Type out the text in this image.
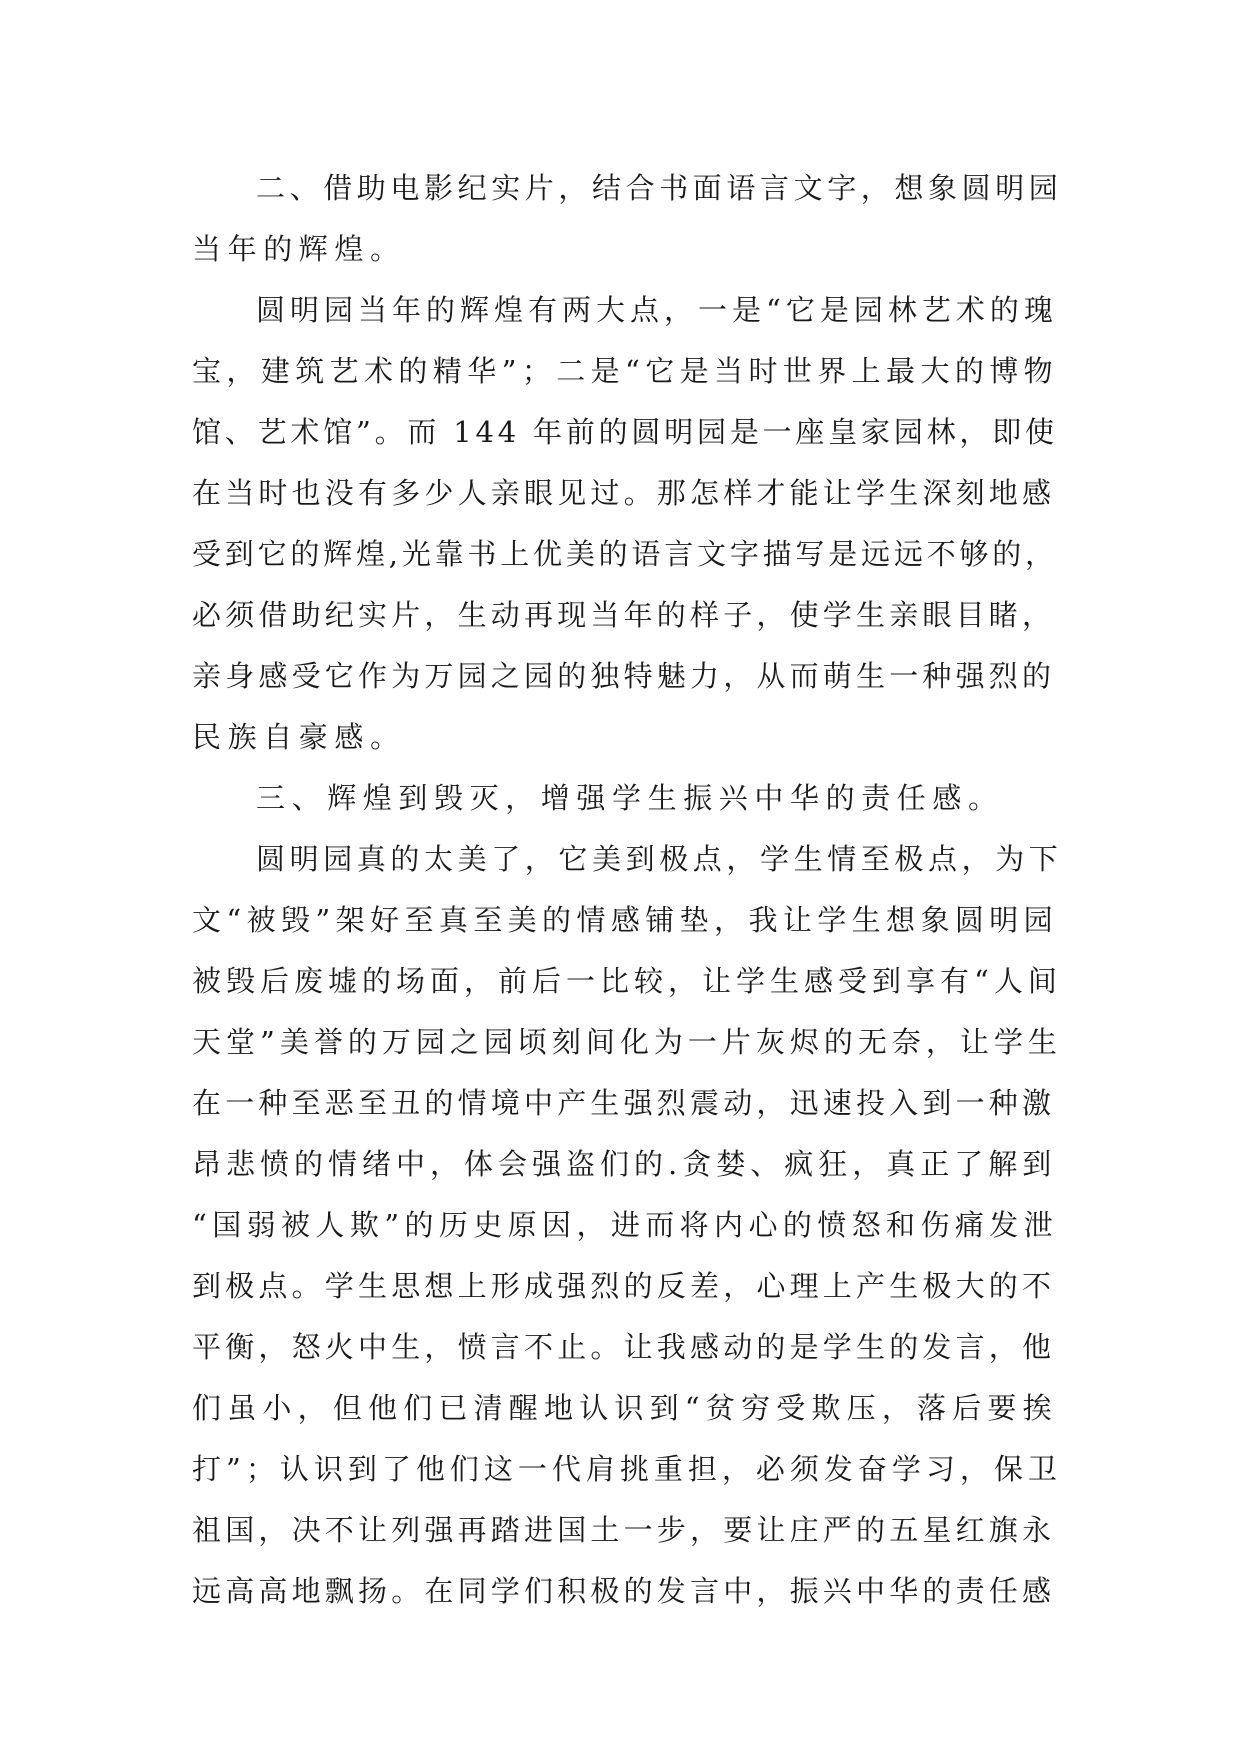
二、借助电影纪实片，结合书面语言文字，想象圆明园
当年的辉煌。
圆明园当年的辉煌有两大点，一是“它是园林艺术的瑰
宝，建筑艺术的精华”；二是“它是当时世界上最大的博物
馆、艺术馆”。而 144 年前的圆明园是一座皇家园林，即使
在当时也没有多少人亲眼见过。那怎样才能让学生深刻地感
受到它的辉煌,光靠书上优美的语言文字描写是远远不够的，
必须借助纪实片，生动再现当年的样子，使学生亲眼目睹，
亲身感受它作为万园之园的独特魅力，从而萌生一种强烈的
民族自豪感。
三、辉煌到毁灭，增强学生振兴中华的责任感。
圆明园真的太美了，它美到极点，学生情至极点，为下
文“被毁”架好至真至美的情感铺垫，我让学生想象圆明园
被毁后废墟的场面，前后一比较，让学生感受到享有“人间
天堂”美誉的万园之园顷刻间化为一片灰烬的无奈，让学生
在一种至恶至丑的情境中产生强烈震动，迅速投入到一种激
昂悲愤的情绪中，体会强盗们的.贪婪、疯狂，真正了解到
“国弱被人欺”的历史原因，进而将内心的愤怒和伤痛发泄
到极点。学生思想上形成强烈的反差，心理上产生极大的不
平衡，怒火中生，愤言不止。让我感动的是学生的发言，他
们虽小，但他们已清醒地认识到“贫穷受欺压，落后要挨
打”；认识到了他们这一代肩挑重担，必须发奋学习，保卫
祖国，决不让列强再踏进国土一步，要让庄严的五星红旗永
远高高地飘扬。在同学们积极的发言中，振兴中华的责任感
